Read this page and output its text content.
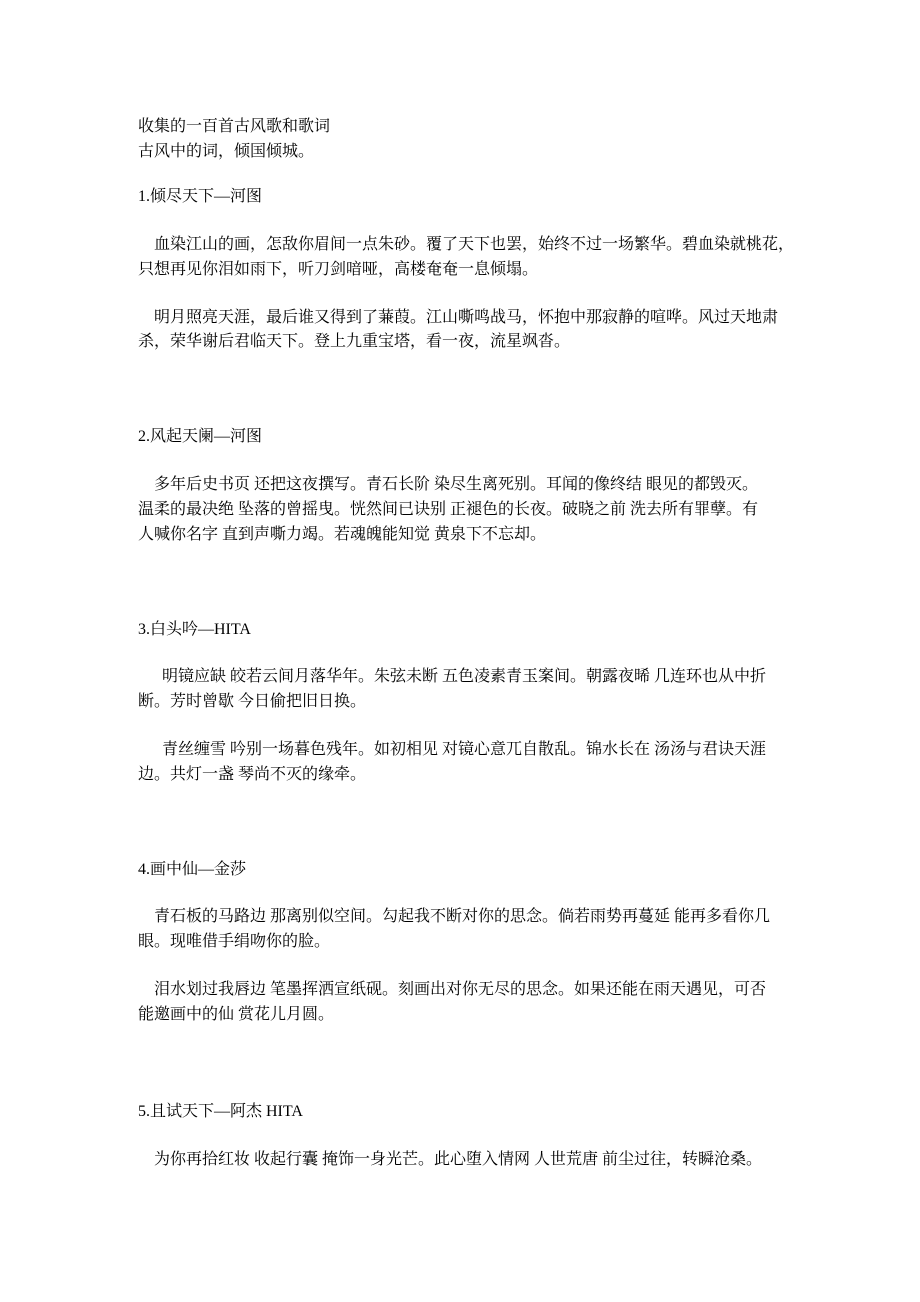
收集的一百首古风歌和歌词
古风中的词，倾国倾城。
1.倾尽天下—河图
血染江山的画，怎敌你眉间一点朱砂。覆了天下也罢，始终不过一场繁华。碧血染就桃花，
只想再见你泪如雨下，听刀剑喑哑，高楼奄奄一息倾塌。
明月照亮天涯，最后谁又得到了蒹葭。江山嘶鸣战马，怀抱中那寂静的喧哗。风过天地肃
杀，荣华谢后君临天下。登上九重宝塔，看一夜，流星飒沓。
2.风起天阑—河图
多年后史书页 还把这夜撰写。青石长阶 染尽生离死别。耳闻的像终结 眼见的都毁灭。
温柔的最决绝 坠落的曾摇曳。恍然间已诀别 正褪色的长夜。破晓之前 洗去所有罪孽。有
人喊你名字 直到声嘶力竭。若魂魄能知觉 黄泉下不忘却。
3.白头吟—HITA
明镜应缺 皎若云间月落华年。朱弦未断 五色凌素青玉案间。朝露夜晞 几连环也从中折
断。芳时曾歇 今日偷把旧日换。
青丝缠雪 吟别一场暮色残年。如初相见 对镜心意兀自散乱。锦水长在 汤汤与君诀天涯
边。共灯一盏 琴尚不灭的缘牵。
4.画中仙—金莎
青石板的马路边 那离别似空间。勾起我不断对你的思念。倘若雨势再蔓延 能再多看你几
眼。现唯借手绢吻你的脸。
泪水划过我唇边 笔墨挥洒宣纸砚。刻画出对你无尽的思念。如果还能在雨天遇见，可否
能邀画中的仙 赏花儿月圆。
5.且试天下—阿杰 HITA
为你再拾红妆 收起行囊 掩饰一身光芒。此心堕入情网 人世荒唐 前尘过往，转瞬沧桑。
